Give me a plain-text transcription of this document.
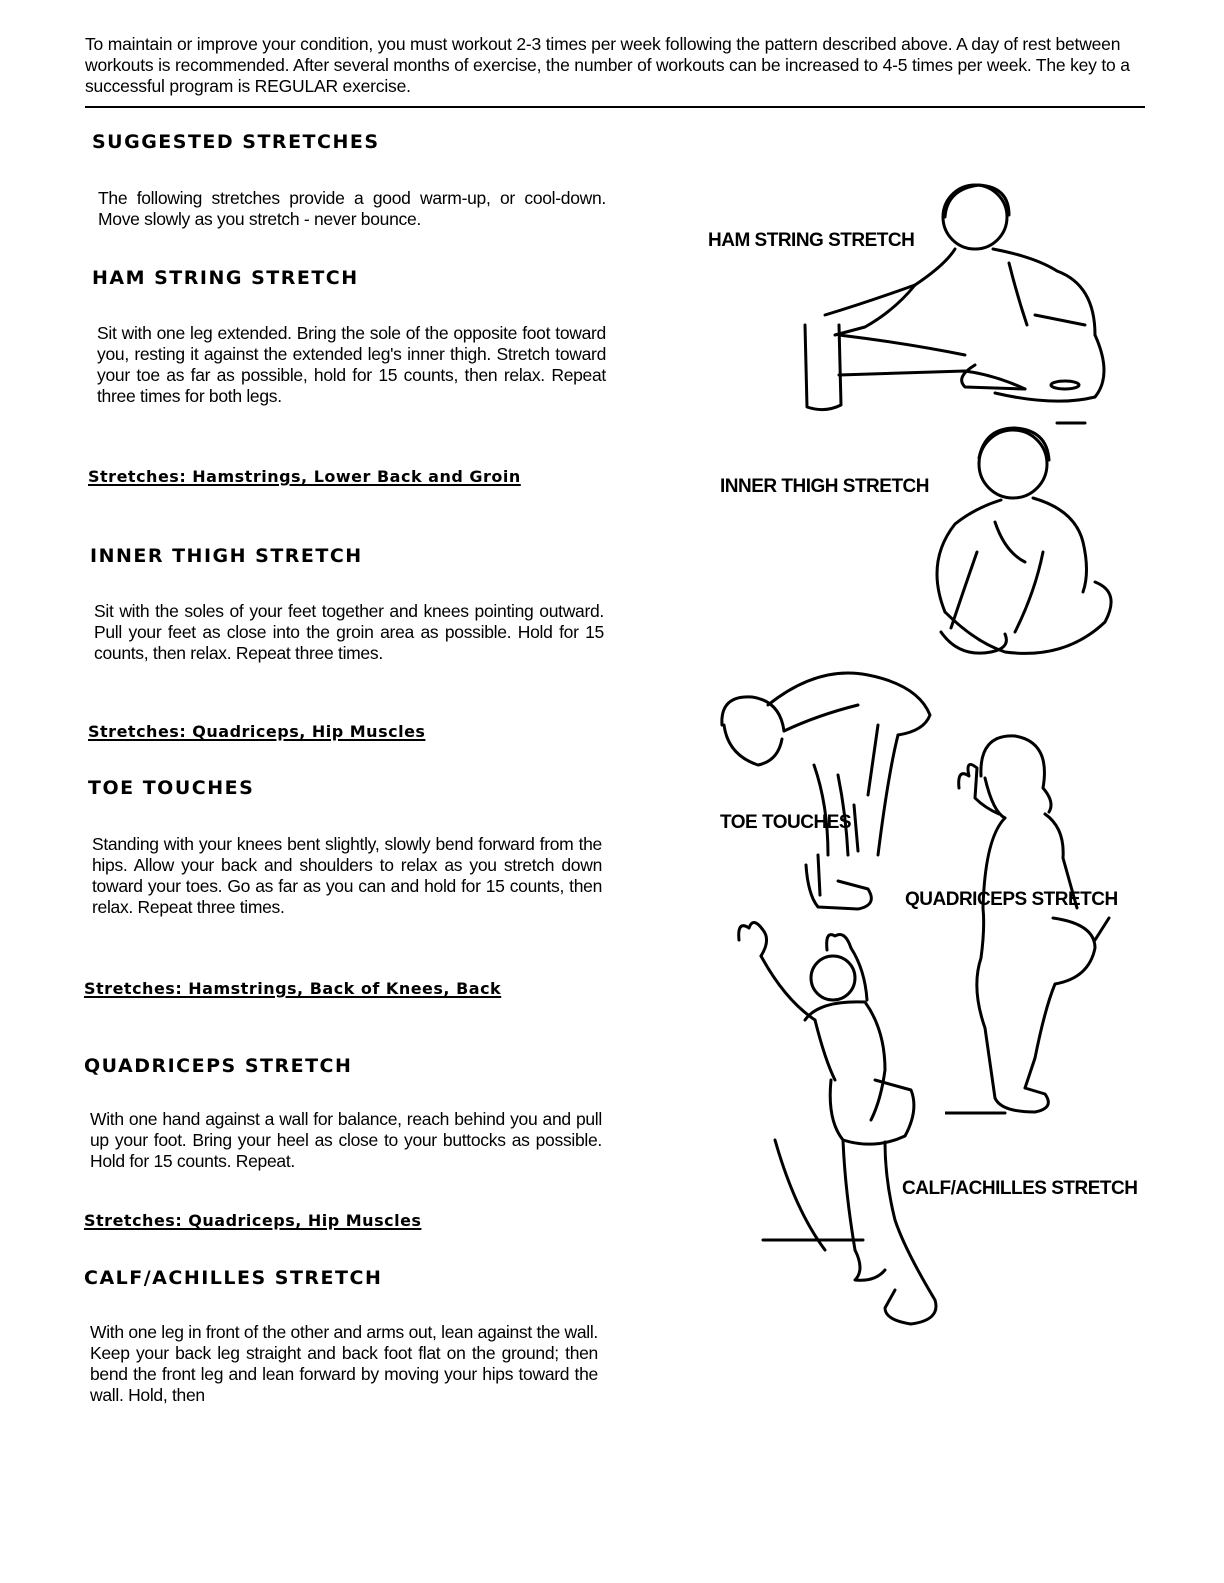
To maintain or improve your condition, you must workout 2-3 times per week following the pattern described above. A day of rest between workouts is recommended. After several months of exercise, the number of workouts can be increased to 4-5 times per week. The key to a successful program is REGULAR exercise.
SUGGESTED STRETCHES
The following stretches provide a good warm-up, or cool-down. Move slowly as you stretch - never bounce.
HAM STRING STRETCH
Sit with one leg extended. Bring the sole of the opposite foot toward you, resting it against the extended leg's inner thigh. Stretch toward your toe as far as possible, hold for 15 counts, then relax. Repeat three times for both legs.
Stretches: Hamstrings, Lower Back and Groin
INNER THIGH STRETCH
Sit with the soles of your feet together and knees pointing outward. Pull your feet as close into the groin area as possible. Hold for 15 counts, then relax. Repeat three times.
Stretches: Quadriceps, Hip Muscles
TOE TOUCHES
Standing with your knees bent slightly, slowly bend forward from the hips. Allow your back and shoulders to relax as you stretch down toward your toes. Go as far as you can and hold for 15 counts, then relax. Repeat three times.
Stretches: Hamstrings, Back of Knees, Back
QUADRICEPS STRETCH
With one hand against a wall for balance, reach behind you and pull up your foot. Bring your heel as close to your buttocks as possible. Hold for 15 counts. Repeat.
Stretches: Quadriceps, Hip Muscles
CALF/ACHILLES STRETCH
With one leg in front of the other and arms out, lean against the wall. Keep your back leg straight and back foot flat on the ground; then bend the front leg and lean forward by moving your hips toward the wall. Hold, then
HAM STRING STRETCH
INNER THIGH STRETCH
TOE TOUCHES
QUADRICEPS STRETCH
CALF/ACHILLES STRETCH
